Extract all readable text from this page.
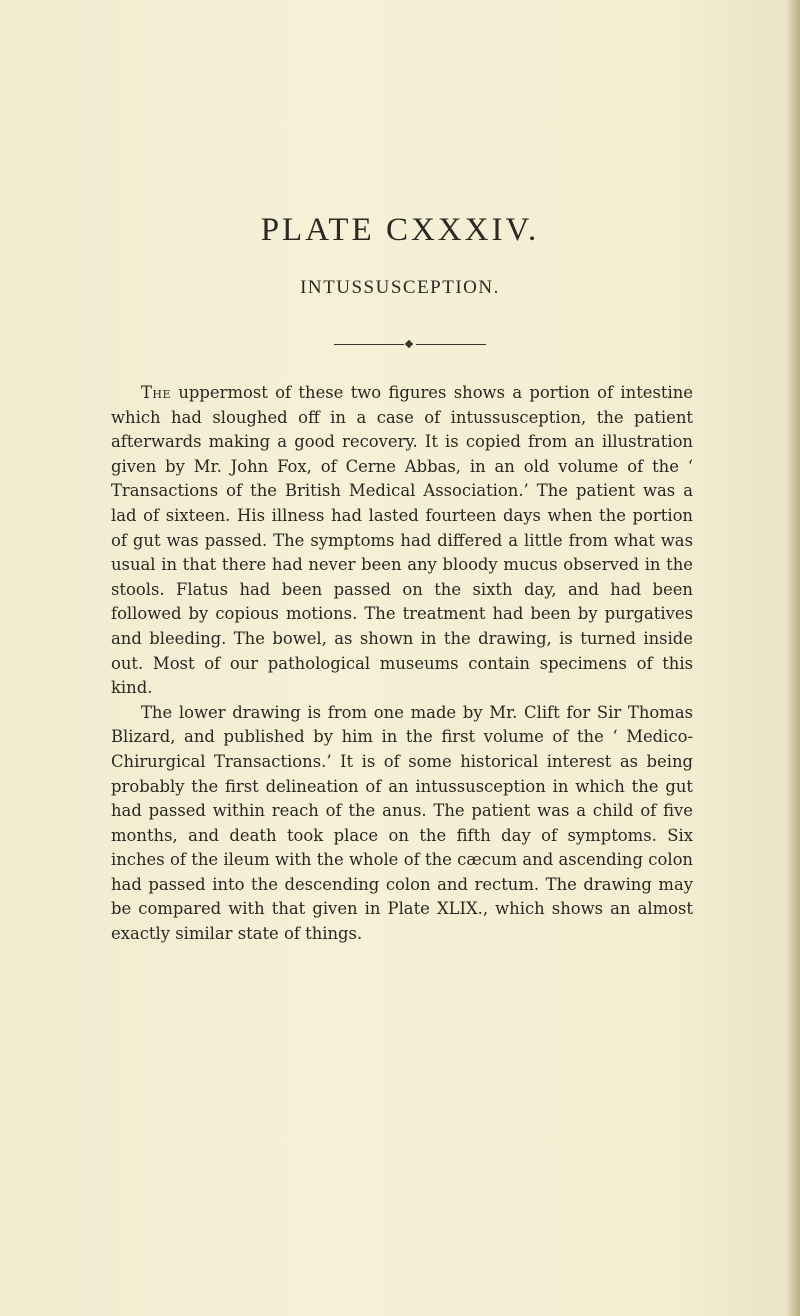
PLATE CXXXIV.
INTUSSUSCEPTION.

The uppermost of these two figures shows a portion of intestine which had sloughed off in a case of intussusception, the patient afterwards making a good recovery. It is copied from an illustration given by Mr. John Fox, of Cerne Abbas, in an old volume of the ‘ Transactions of the British Medical Association.’ The patient was a lad of sixteen. His illness had lasted fourteen days when the portion of gut was passed. The symptoms had differed a little from what was usual in that there had never been any bloody mucus observed in the stools. Flatus had been passed on the sixth day, and had been followed by copious motions. The treatment had been by purgatives and bleeding. The bowel, as shown in the drawing, is turned inside out. Most of our pathological museums contain specimens of this kind.

The lower drawing is from one made by Mr. Clift for Sir Thomas Blizard, and published by him in the first volume of the ‘ Medico-Chirurgical Transactions.’ It is of some historical interest as being probably the first delineation of an intussusception in which the gut had passed within reach of the anus. The patient was a child of five months, and death took place on the fifth day of symptoms. Six inches of the ileum with the whole of the cæcum and ascending colon had passed into the descending colon and rectum. The drawing may be compared with that given in Plate XLIX., which shows an almost exactly similar state of things.
